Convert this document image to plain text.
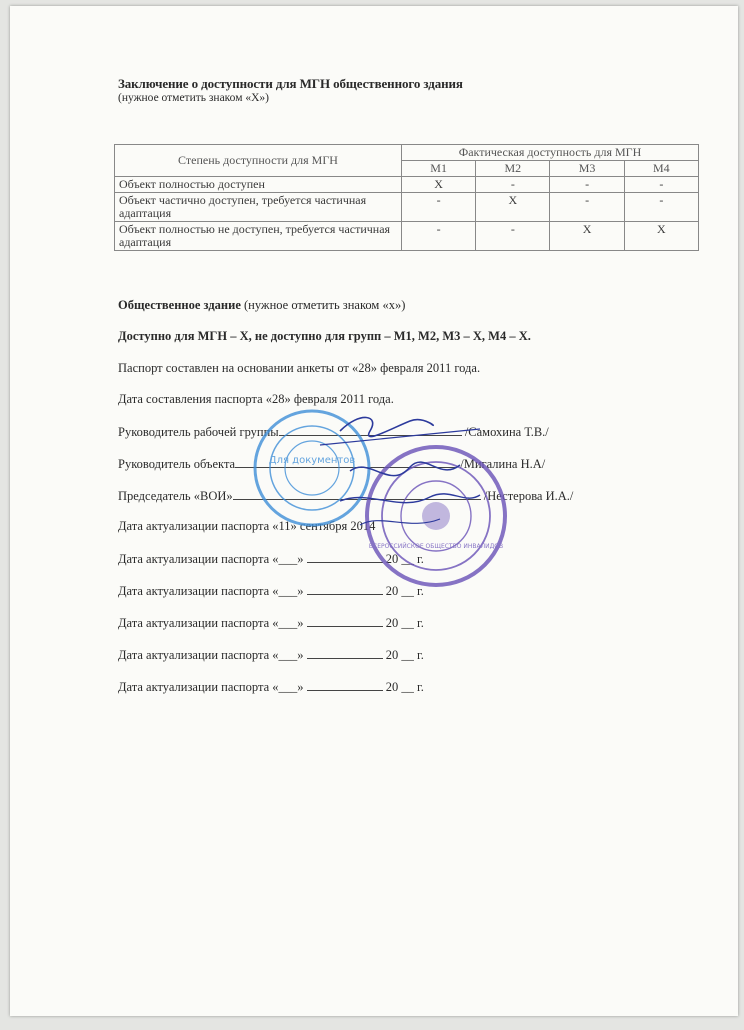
Заключение о доступности для МГН общественного здания
(нужное отметить знаком «Х»)
Степень доступности для МГН	Фактическая доступность для МГН			
	М1	М2	М3	М4
Объект полностью доступен	Х	-	-	-
Объект частично доступен, требуется частичная адаптация	-	Х	-	-
Объект полностью не доступен, требуется частичная адаптация	-	-	Х	Х
Общественное здание (нужное отметить знаком «х»)
Доступно для МГН – Х, не доступно для групп – М1, М2, М3 – Х, М4 – Х.
Паспорт составлен на основании анкеты от «28» февраля 2011 года.
Дата составления паспорта «28» февраля 2011 года.
Руководитель рабочей группы	/Самохина Т.В./
Руководитель объекта	/Мигалина Н.А/
Председатель «ВОИ»	/Нестерова И.А./
Дата актуализации паспорта «11» сентября 2014
Дата актуализации паспорта «___»	20 __ г.
Дата актуализации паспорта «___»	20 __ г.
Дата актуализации паспорта «___»	20 __ г.
Дата актуализации паспорта «___»	20 __ г.
Дата актуализации паспорта «___»	20 __ г.
Для документов
ВСЕРОССИЙСКОЕ ОБЩЕСТВО ИНВАЛИДОВ
